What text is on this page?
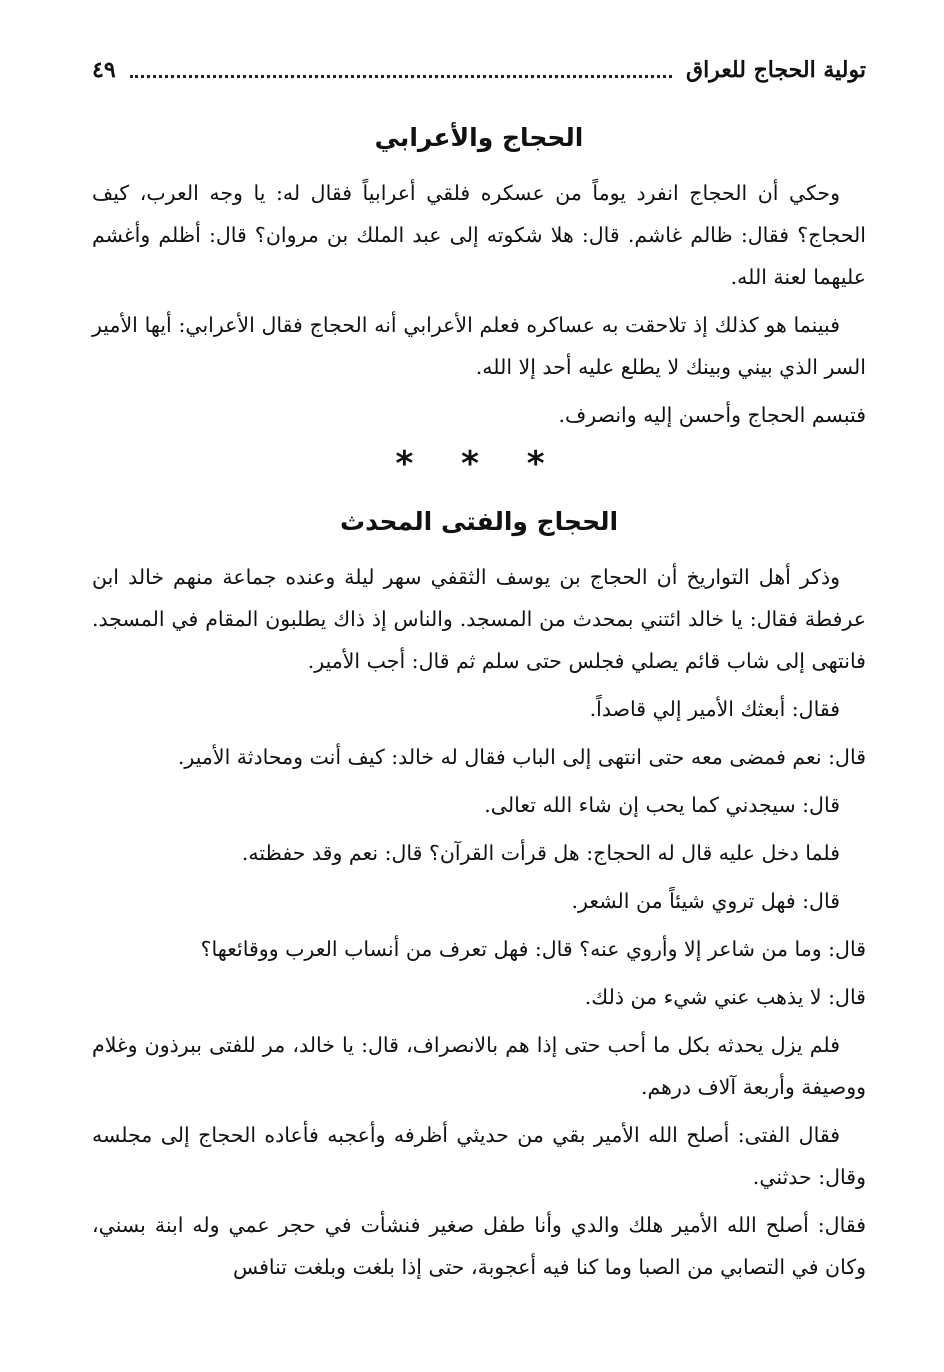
تولية الحجاج للعراق
٤٩
الحجاج والأعرابي

وحكي أن الحجاج انفرد يوماً من عسكره فلقي أعرابياً فقال له: يا وجه العرب، كيف الحجاج؟ فقال: ظالم غاشم. قال: هلا شكوته إلى عبد الملك بن مروان؟ قال: أظلم وأغشم عليهما لعنة الله.

فبينما هو كذلك إذ تلاحقت به عساكره فعلم الأعرابي أنه الحجاج فقال الأعرابي: أيها الأمير السر الذي بيني وبينك لا يطلع عليه أحد إلا الله.

فتبسم الحجاج وأحسن إليه وانصرف.

* * *
الحجاج والفتى المحدث

وذكر أهل التواريخ أن الحجاج بن يوسف الثقفي سهر ليلة وعنده جماعة منهم خالد ابن عرفطة فقال: يا خالد ائتني بمحدث من المسجد. والناس إذ ذاك يطلبون المقام في المسجد. فانتهى إلى شاب قائم يصلي فجلس حتى سلم ثم قال: أجب الأمير.

فقال: أبعثك الأمير إلي قاصداً.

قال: نعم فمضى معه حتى انتهى إلى الباب فقال له خالد: كيف أنت ومحادثة الأمير.

قال: سيجدني كما يحب إن شاء الله تعالى.

فلما دخل عليه قال له الحجاج: هل قرأت القرآن؟ قال: نعم وقد حفظته.

قال: فهل تروي شيئاً من الشعر.

قال: وما من شاعر إلا وأروي عنه؟ قال: فهل تعرف من أنساب العرب ووقائعها؟

قال: لا يذهب عني شيء من ذلك.

فلم يزل يحدثه بكل ما أحب حتى إذا هم بالانصراف، قال: يا خالد، مر للفتى ببرذون وغلام ووصيفة وأربعة آلاف درهم.

فقال الفتى: أصلح الله الأمير بقي من حديثي أظرفه وأعجبه فأعاده الحجاج إلى مجلسه وقال: حدثني.

فقال: أصلح الله الأمير هلك والدي وأنا طفل صغير فنشأت في حجر عمي وله ابنة بسني، وكان في التصابي من الصبا وما كنا فيه أعجوبة، حتى إذا بلغت وبلغت تنافس
